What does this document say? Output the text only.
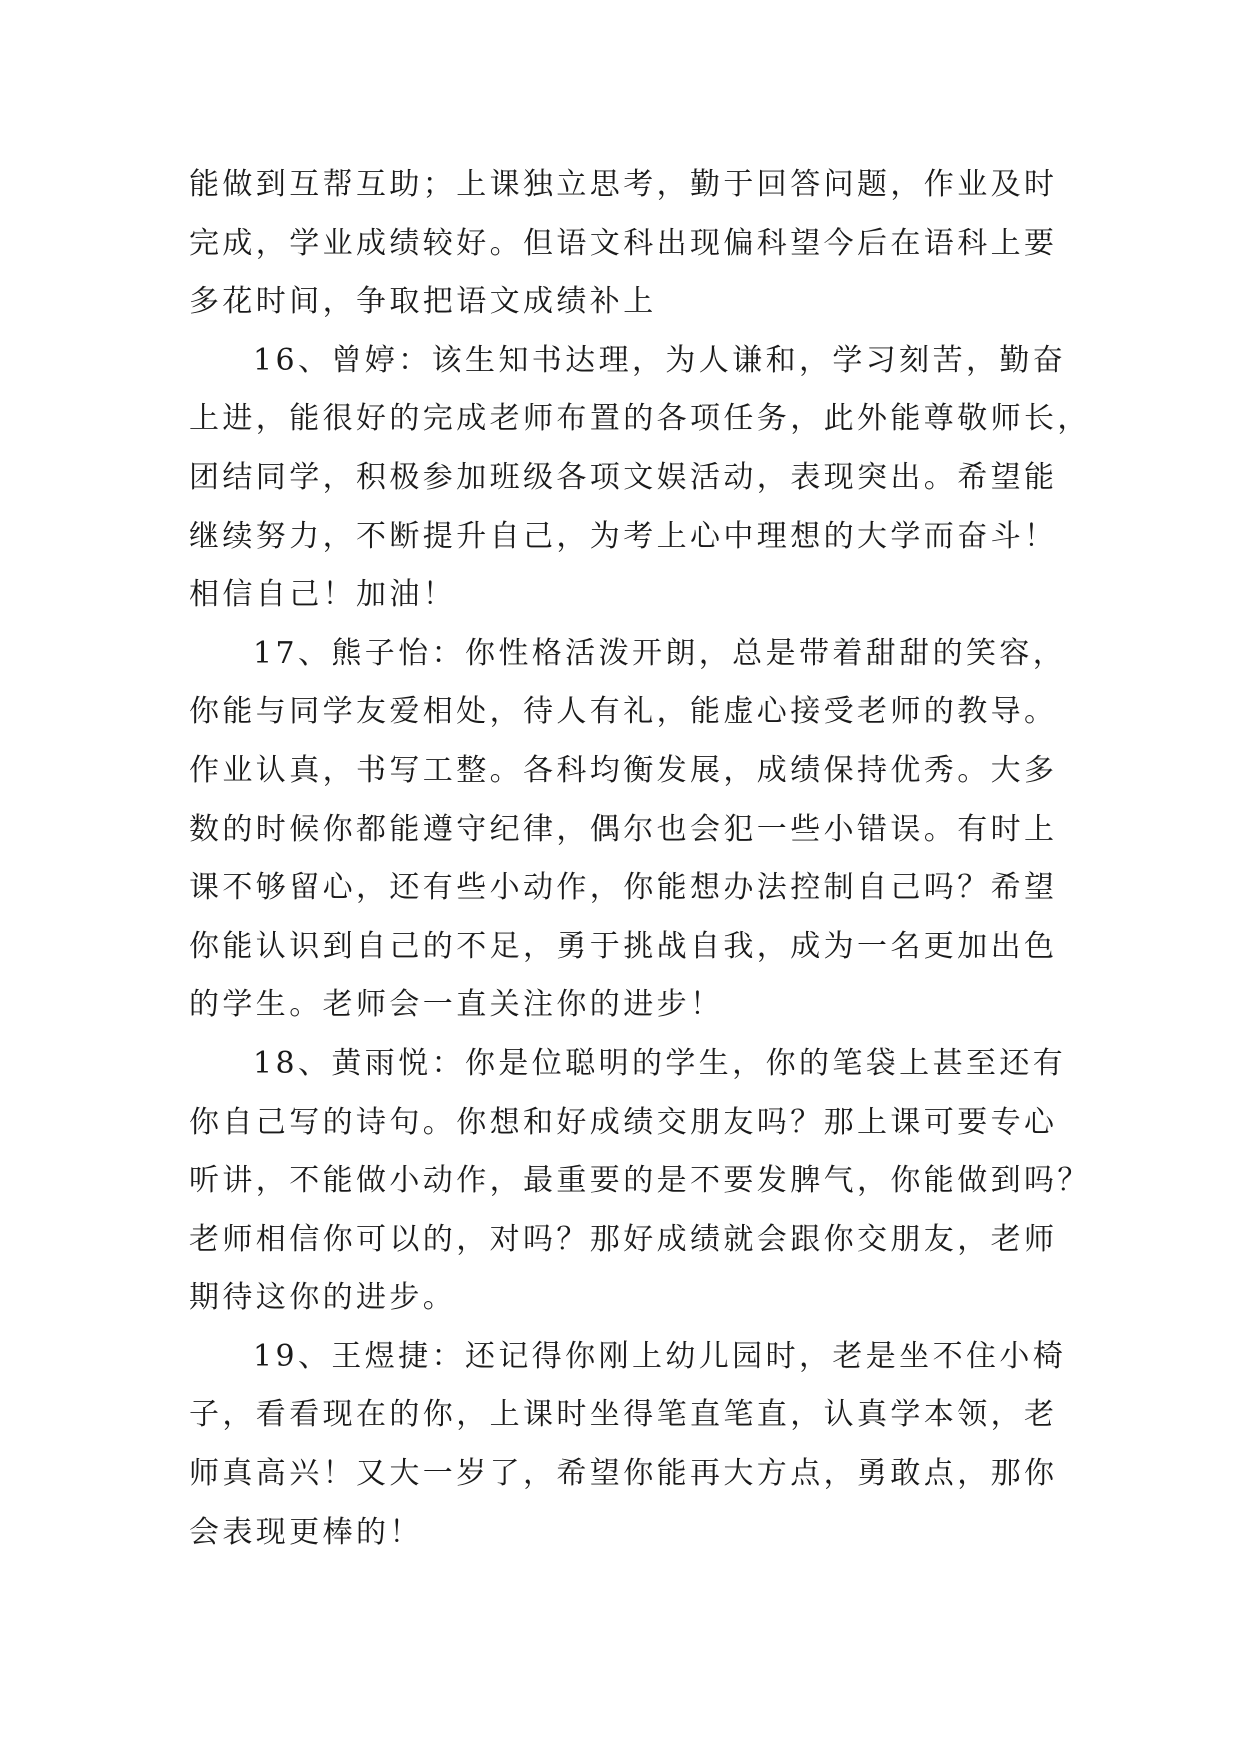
能做到互帮互助；上课独立思考，勤于回答问题，作业及时
完成，学业成绩较好。但语文科出现偏科望今后在语科上要
多花时间，争取把语文成绩补上
16、曾婷：该生知书达理，为人谦和，学习刻苦，勤奋
上进，能很好的完成老师布置的各项任务，此外能尊敬师长，
团结同学，积极参加班级各项文娱活动，表现突出。希望能
继续努力，不断提升自己，为考上心中理想的大学而奋斗！
相信自己！加油！
17、熊子怡：你性格活泼开朗，总是带着甜甜的笑容，
你能与同学友爱相处，待人有礼，能虚心接受老师的教导。
作业认真，书写工整。各科均衡发展，成绩保持优秀。大多
数的时候你都能遵守纪律，偶尔也会犯一些小错误。有时上
课不够留心，还有些小动作，你能想办法控制自己吗？希望
你能认识到自己的不足，勇于挑战自我，成为一名更加出色
的学生。老师会一直关注你的进步！
18、黄雨悦：你是位聪明的学生，你的笔袋上甚至还有
你自己写的诗句。你想和好成绩交朋友吗？那上课可要专心
听讲，不能做小动作，最重要的是不要发脾气，你能做到吗？
老师相信你可以的，对吗？那好成绩就会跟你交朋友，老师
期待这你的进步。
19、王煜捷：还记得你刚上幼儿园时，老是坐不住小椅
子，看看现在的你，上课时坐得笔直笔直，认真学本领，老
师真高兴！又大一岁了，希望你能再大方点，勇敢点，那你
会表现更棒的！
